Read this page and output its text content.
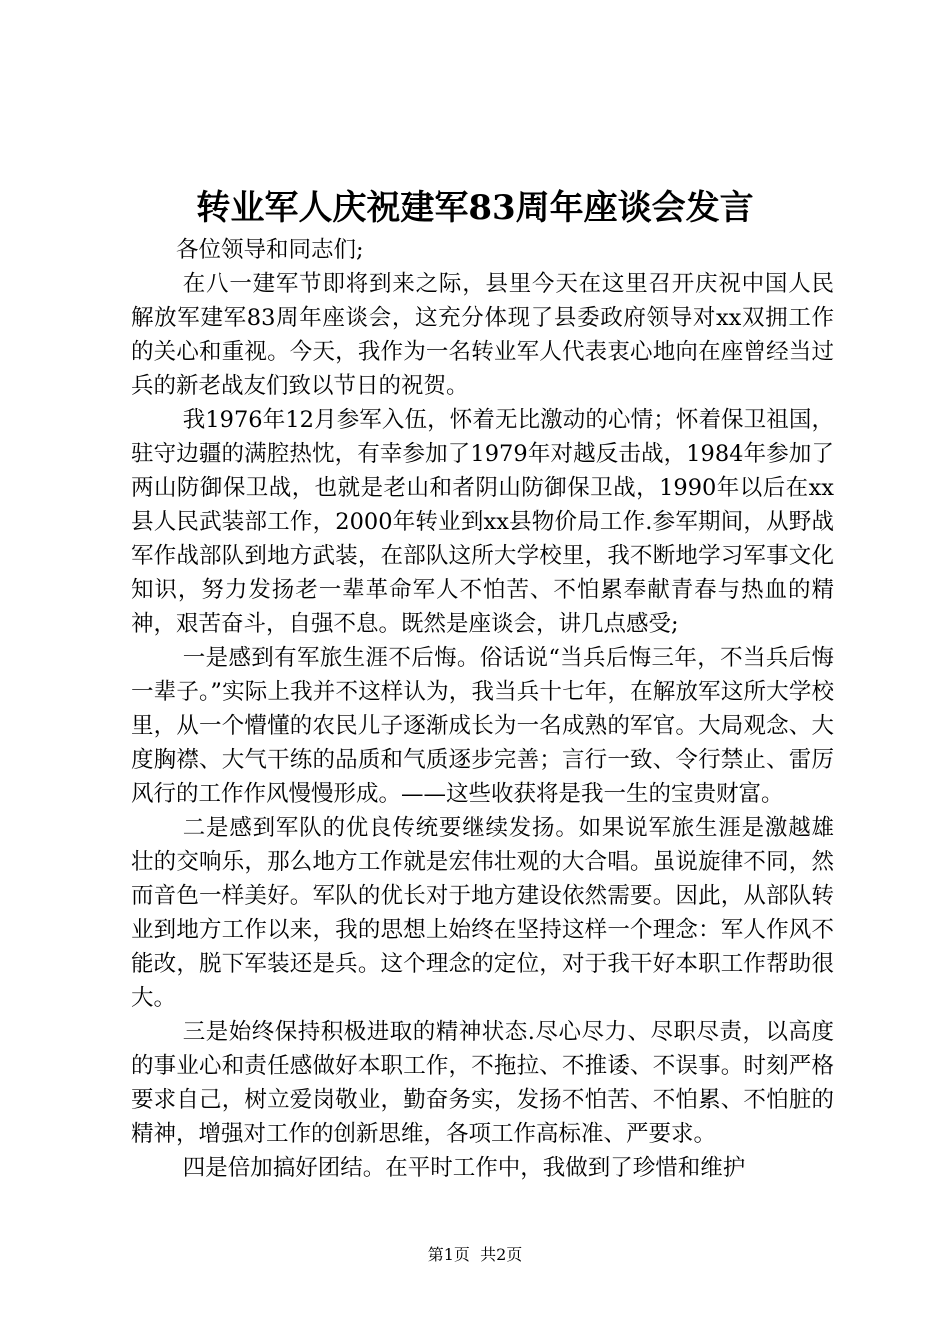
转业军人庆祝建军83周年座谈会发言

各位领导和同志们;

在八一建军节即将到来之际，县里今天在这里召开庆祝中国人民解放军建军83周年座谈会，这充分体现了县委政府领导对xx双拥工作的关心和重视。今天，我作为一名转业军人代表衷心地向在座曾经当过兵的新老战友们致以节日的祝贺。

我1976年12月参军入伍，怀着无比激动的心情；怀着保卫祖国，驻守边疆的满腔热忱，有幸参加了1979年对越反击战，1984年参加了两山防御保卫战，也就是老山和者阴山防御保卫战，1990年以后在xx县人民武装部工作，2000年转业到xx县物价局工作.参军期间，从野战军作战部队到地方武装，在部队这所大学校里，我不断地学习军事文化知识，努力发扬老一辈革命军人不怕苦、不怕累奉献青春与热血的精神，艰苦奋斗，自强不息。既然是座谈会，讲几点感受;

一是感到有军旅生涯不后悔。俗话说“当兵后悔三年，不当兵后悔一辈子。”实际上我并不这样认为，我当兵十七年，在解放军这所大学校里，从一个懵懂的农民儿子逐渐成长为一名成熟的军官。大局观念、大度胸襟、大气干练的品质和气质逐步完善；言行一致、令行禁止、雷厉风行的工作作风慢慢形成。——这些收获将是我一生的宝贵财富。

二是感到军队的优良传统要继续发扬。如果说军旅生涯是激越雄壮的交响乐，那么地方工作就是宏伟壮观的大合唱。虽说旋律不同，然而音色一样美好。军队的优长对于地方建设依然需要。因此，从部队转业到地方工作以来，我的思想上始终在坚持这样一个理念：军人作风不能改，脱下军装还是兵。这个理念的定位，对于我干好本职工作帮助很大。

三是始终保持积极进取的精神状态.尽心尽力、尽职尽责，以高度的事业心和责任感做好本职工作，不拖拉、不推诿、不误事。时刻严格要求自己，树立爱岗敬业，勤奋务实，发扬不怕苦、不怕累、不怕脏的精神，增强对工作的创新思维，各项工作高标准、严要求。

四是倍加搞好团结。在平时工作中，我做到了珍惜和维护

第1页 共2页
